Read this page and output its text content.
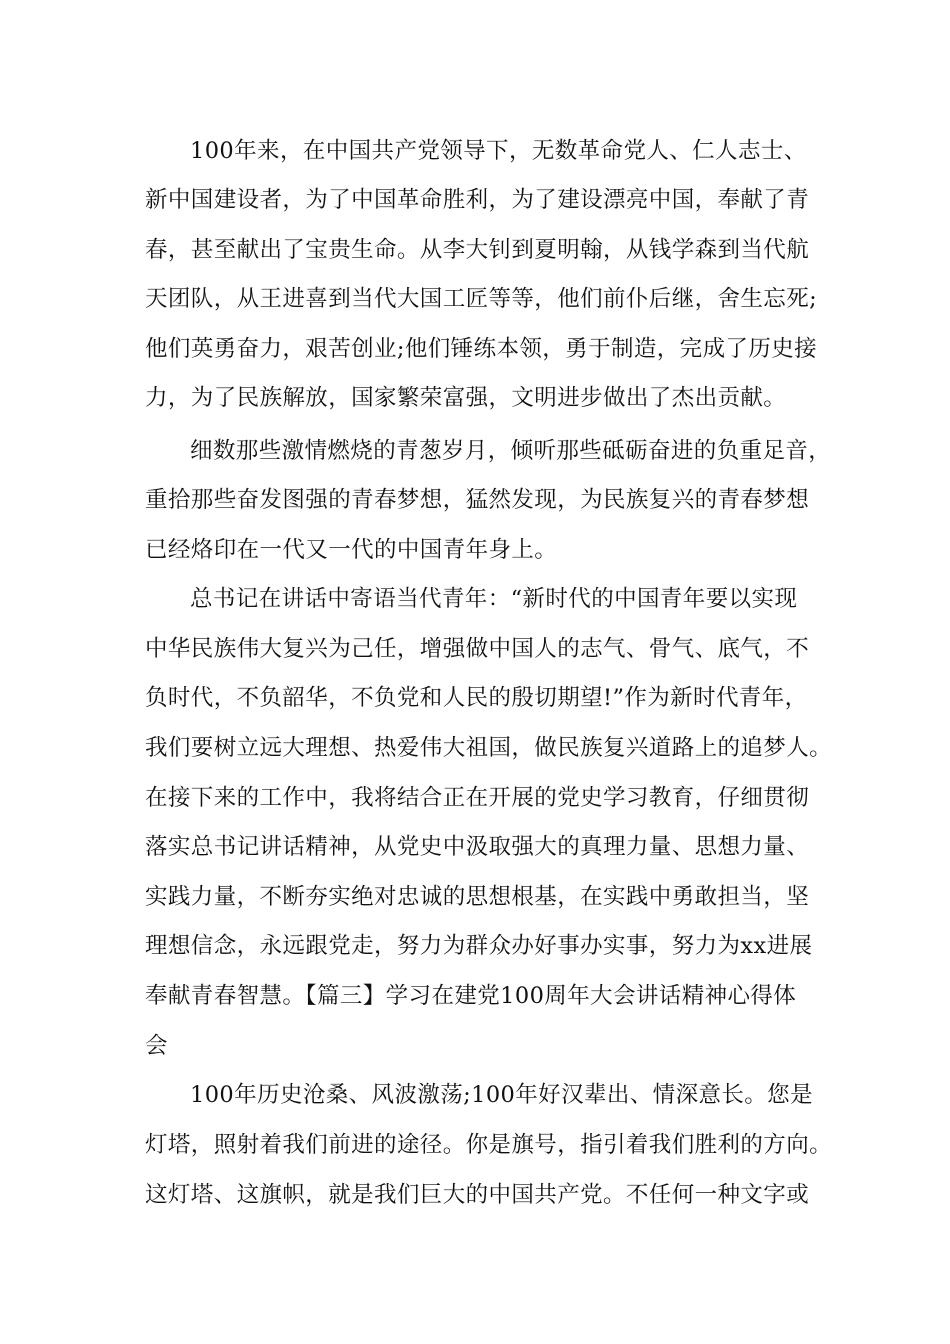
100年来，在中国共产党领导下，无数革命党人、仁人志士、
新中国建设者，为了中国革命胜利，为了建设漂亮中国，奉献了青
春，甚至献出了宝贵生命。从李大钊到夏明翰，从钱学森到当代航
天团队，从王进喜到当代大国工匠等等，他们前仆后继，舍生忘死;
他们英勇奋力，艰苦创业;他们锤练本领，勇于制造，完成了历史接
力，为了民族解放，国家繁荣富强，文明进步做出了杰出贡献。
细数那些激情燃烧的青葱岁月，倾听那些砥砺奋进的负重足音，
重拾那些奋发图强的青春梦想，猛然发现，为民族复兴的青春梦想
已经烙印在一代又一代的中国青年身上。
总书记在讲话中寄语当代青年：“新时代的中国青年要以实现
中华民族伟大复兴为己任，增强做中国人的志气、骨气、底气，不
负时代，不负韶华，不负党和人民的殷切期望!”作为新时代青年，
我们要树立远大理想、热爱伟大祖国，做民族复兴道路上的追梦人。
在接下来的工作中，我将结合正在开展的党史学习教育，仔细贯彻
落实总书记讲话精神，从党史中汲取强大的真理力量、思想力量、
实践力量，不断夯实绝对忠诚的思想根基，在实践中勇敢担当，坚
理想信念，永远跟党走，努力为群众办好事办实事，努力为xx进展
奉献青春智慧。【篇三】学习在建党100周年大会讲话精神心得体
会
100年历史沧桑、风波激荡;100年好汉辈出、情深意长。您是
灯塔，照射着我们前进的途径。你是旗号，指引着我们胜利的方向。
这灯塔、这旗帜，就是我们巨大的中国共产党。不任何一种文字或
